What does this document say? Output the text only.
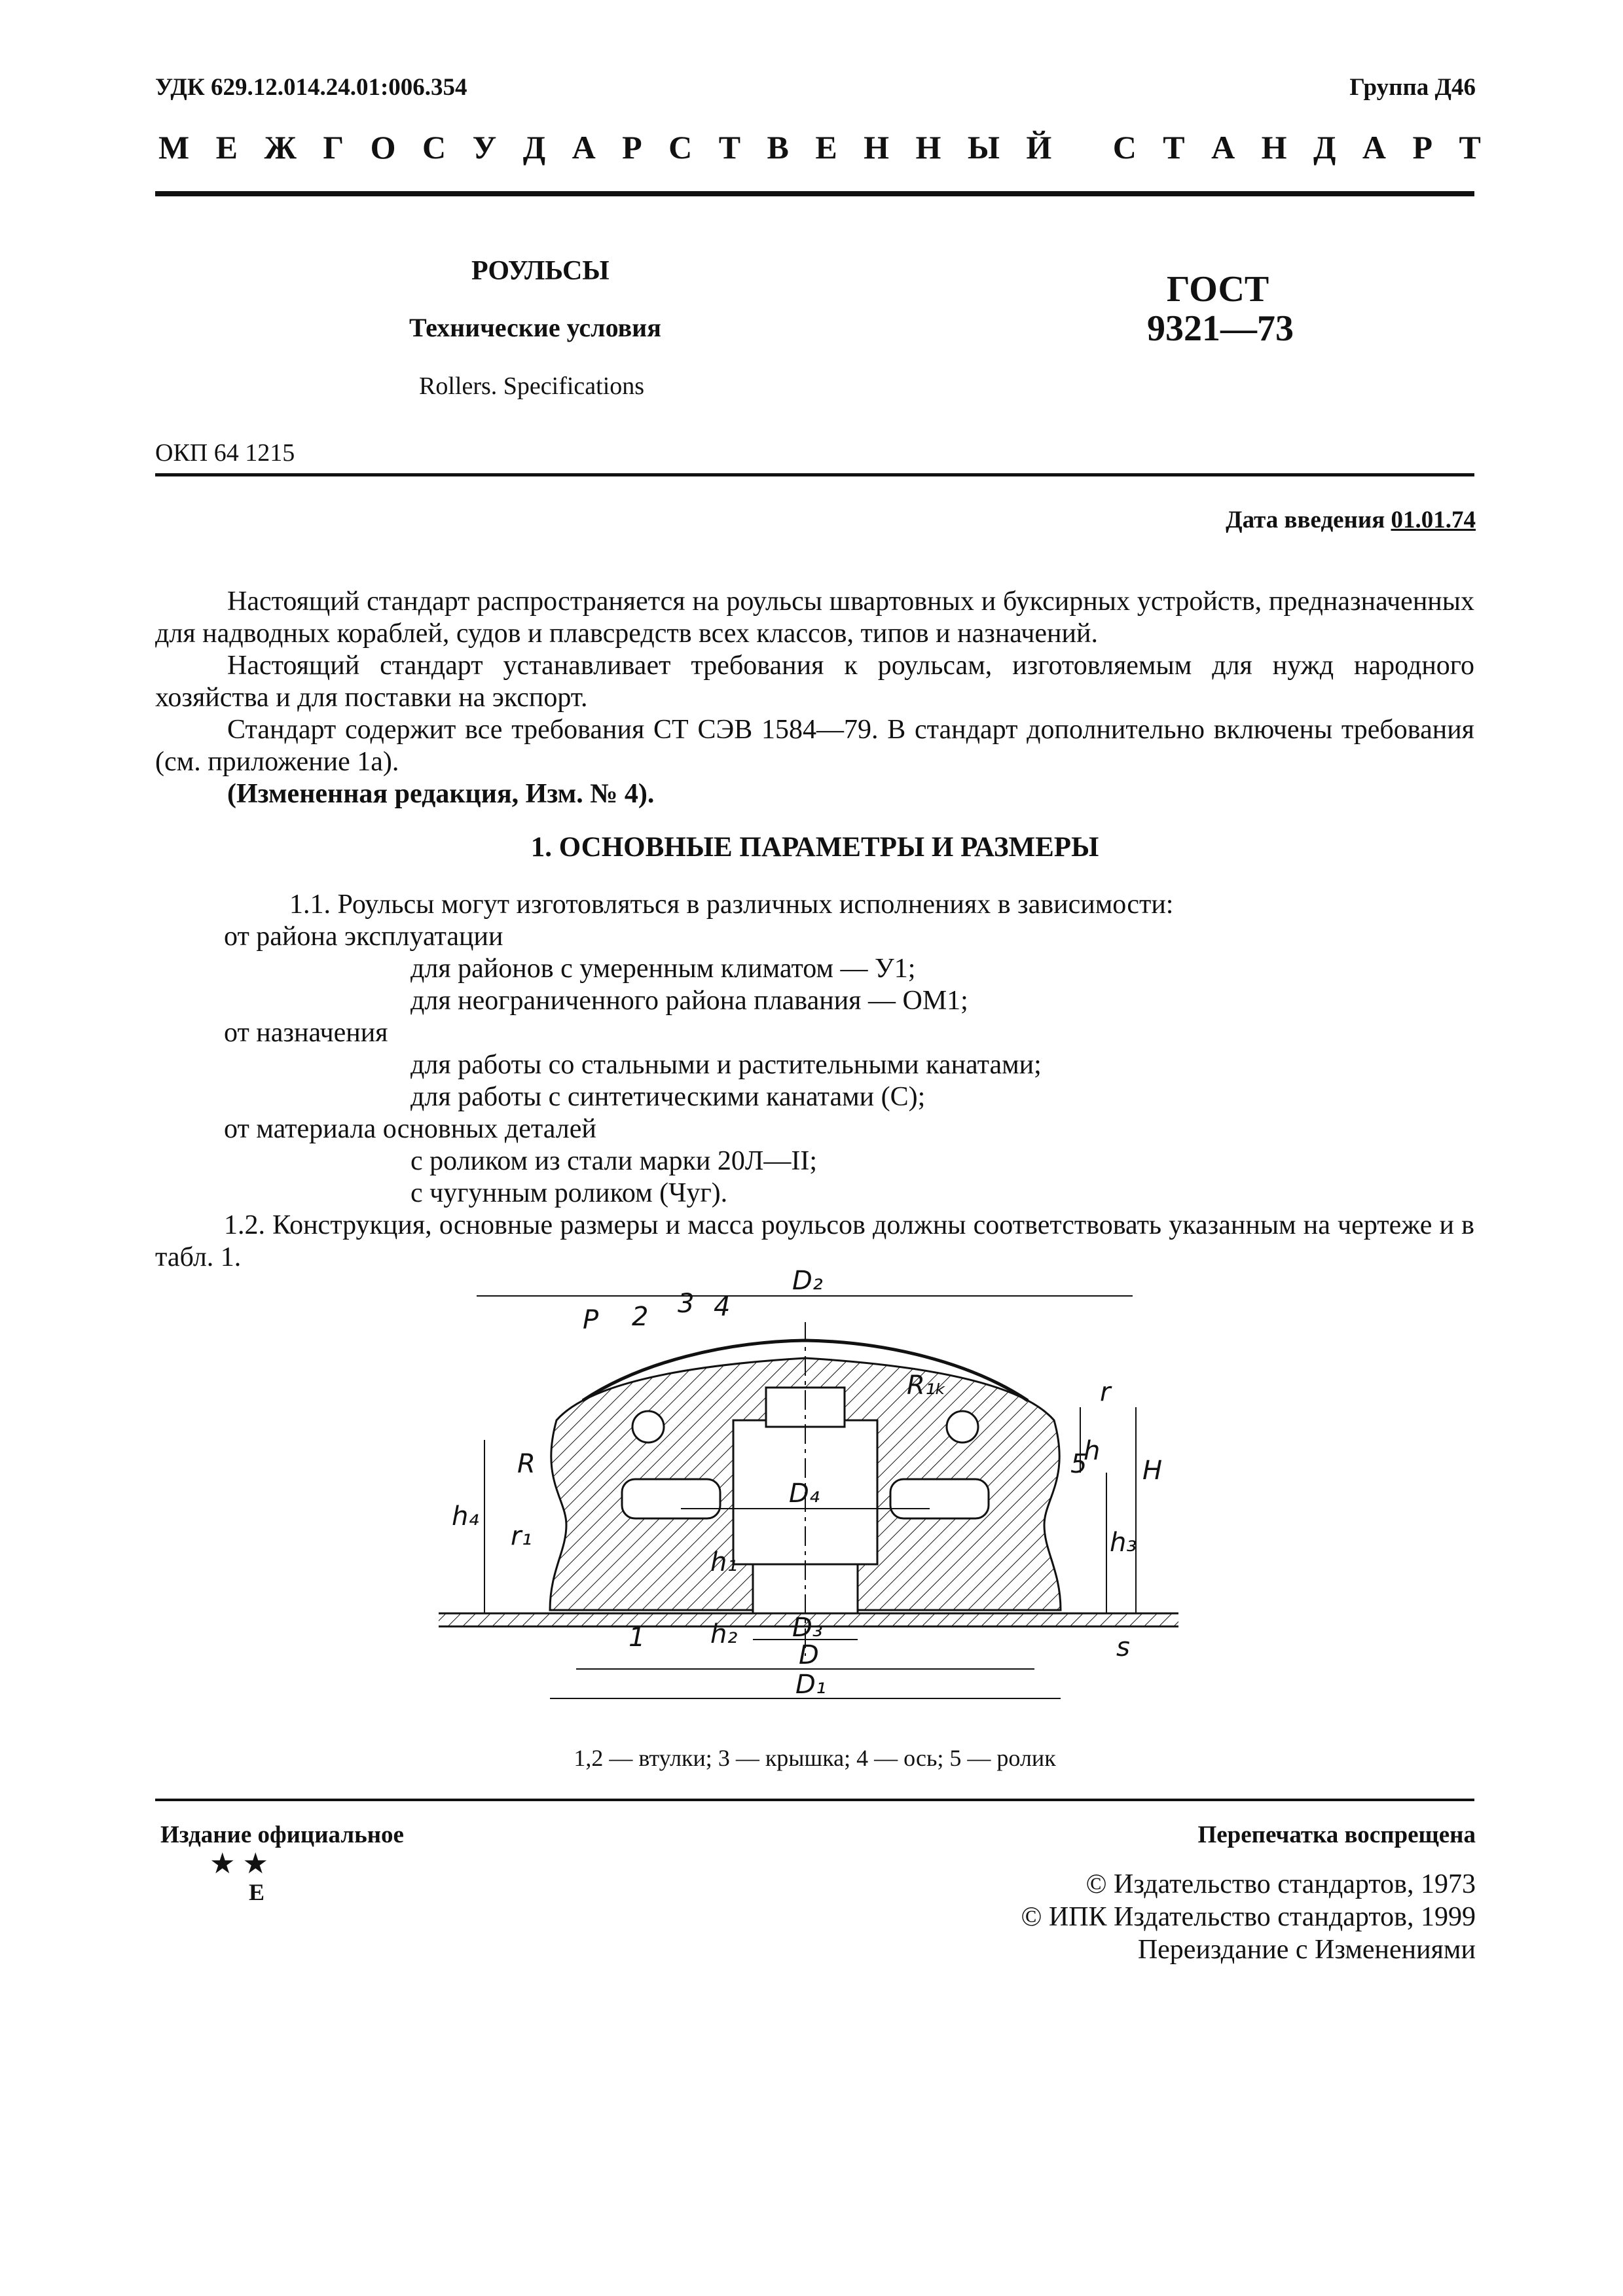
УДК 629.12.014.24.01:006.354	Группа Д46
М Е Ж Г О С У Д А Р С Т В Е Н Н Ы Й
С Т А Н Д А Р Т
РОУЛЬСЫ
Технические условия
Rollers. Specifications
ГОСТ
9321—73
ОКП 64 1215
Дата введения 01.01.74

Настоящий стандарт распространяется на роульсы швартовных и буксирных устройств, предназначенных для надводных кораблей, судов и плавсредств всех классов, типов и назначений.

Настоящий стандарт устанавливает требования к роульсам, изготовляемым для нужд народного хозяйства и для поставки на экспорт.

Стандарт содержит все требования СТ СЭВ 1584—79. В стандарт дополнительно включены требования (см. приложение 1а).

(Измененная редакция, Изм. № 4).

1. ОСНОВНЫЕ ПАРАМЕТРЫ И РАЗМЕРЫ
1.1. Роульсы могут изготовляться в различных исполнениях в зависимости:
от района эксплуатации
для районов с умеренным климатом — У1;
для неограниченного района плавания — ОМ1;
от назначения
для работы со стальными и растительными канатами;
для работы с синтетическими канатами (С);
от материала основных деталей
с роликом из стали марки 20Л—II;
с чугунным роликом (Чуг).

1.2. Конструкция, основные размеры и масса роульсов должны соответствовать указанным на чертеже и в табл. 1.

D₂
D₄
D₃
D
D₁
P 2 3 4
5
1
R
r₁
r
R₁ₖ
h
H
h₄
h₁
h₂
h₃
s
1,2 — втулки; 3 — крышка; 4 — ось; 5 — ролик
Издание официальное	Перепечатка воспрещена
★ ★
Е	© Издательство стандартов, 1973
© ИПК Издательство стандартов, 1999
Переиздание с Изменениями
